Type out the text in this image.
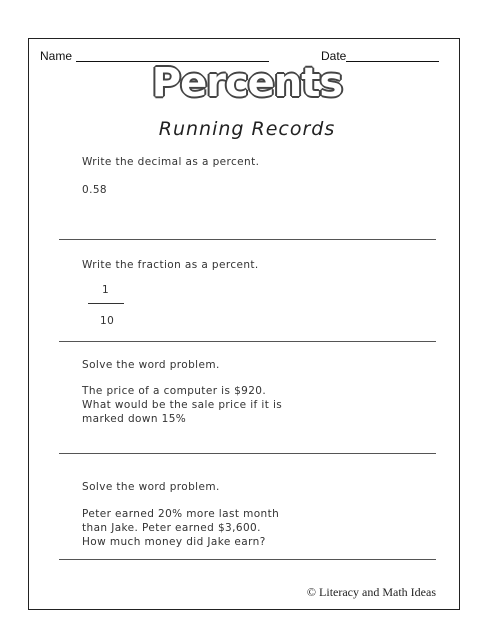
Name	Date
Percents
Running Records
Write the decimal as a percent.
0.58
Write the fraction as a percent.
1
10
Solve the word problem.
The price of a computer is $920.
What would be the sale price if it is
marked down 15%
Solve the word problem.
Peter earned 20% more last month
than Jake. Peter earned $3,600.
How much money did Jake earn?
© Literacy and Math Ideas
